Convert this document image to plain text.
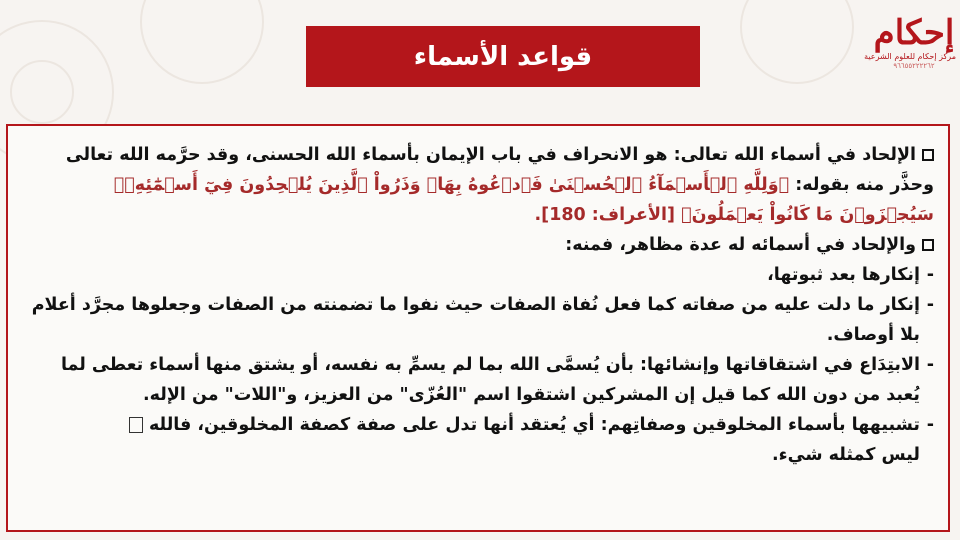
قواعد الأسماء
إحكام
مركز إحكام للعلوم الشرعية
٩٦٦٥٥٢٢٢٢٦٢

الإلحاد في أسماء الله تعالى: هو الانحراف في باب الإيمان بأسماء الله الحسنى، وقد حرَّمه الله تعالى وحذَّر منه بقوله: ﴿وَلِلَّهِ ٱلۡأَسۡمَآءُ ٱلۡحُسۡنَىٰ فَٱدۡعُوهُ بِهَاۖ وَذَرُواْ ٱلَّذِينَ يُلۡحِدُونَ فِيٓ أَسۡمَٰٓئِهِۦۚ سَيُجۡزَوۡنَ مَا كَانُواْ يَعۡمَلُونَ﴾ [الأعراف: 180].

والإلحاد في أسمائه له عدة مظاهر، فمنه:

-
إنكارها بعد ثبوتها،

-
إنكار ما دلت عليه من صفاته كما فعل نُفاة الصفات حيث نفوا ما تضمنته من الصفات وجعلوها مجرَّد أعلام بلا أوصاف.

-
الابتِدَاع في اشتقاقاتها وإنشائها: بأن يُسمَّى الله بما لم يسمِّ به نفسه، أو يشتق منها أسماء تعطى لما يُعبد من دون الله كما قيل إن المشركين اشتقوا اسم "العُزّى" من العزيز، و"اللات" من الإله.

-
تشبيهها بأسماء المخلوقين وصفاتِهم: أي يُعتقد أنها تدل على صفة كصفة المخلوقين، فالله
ليس كمثله شيء.
